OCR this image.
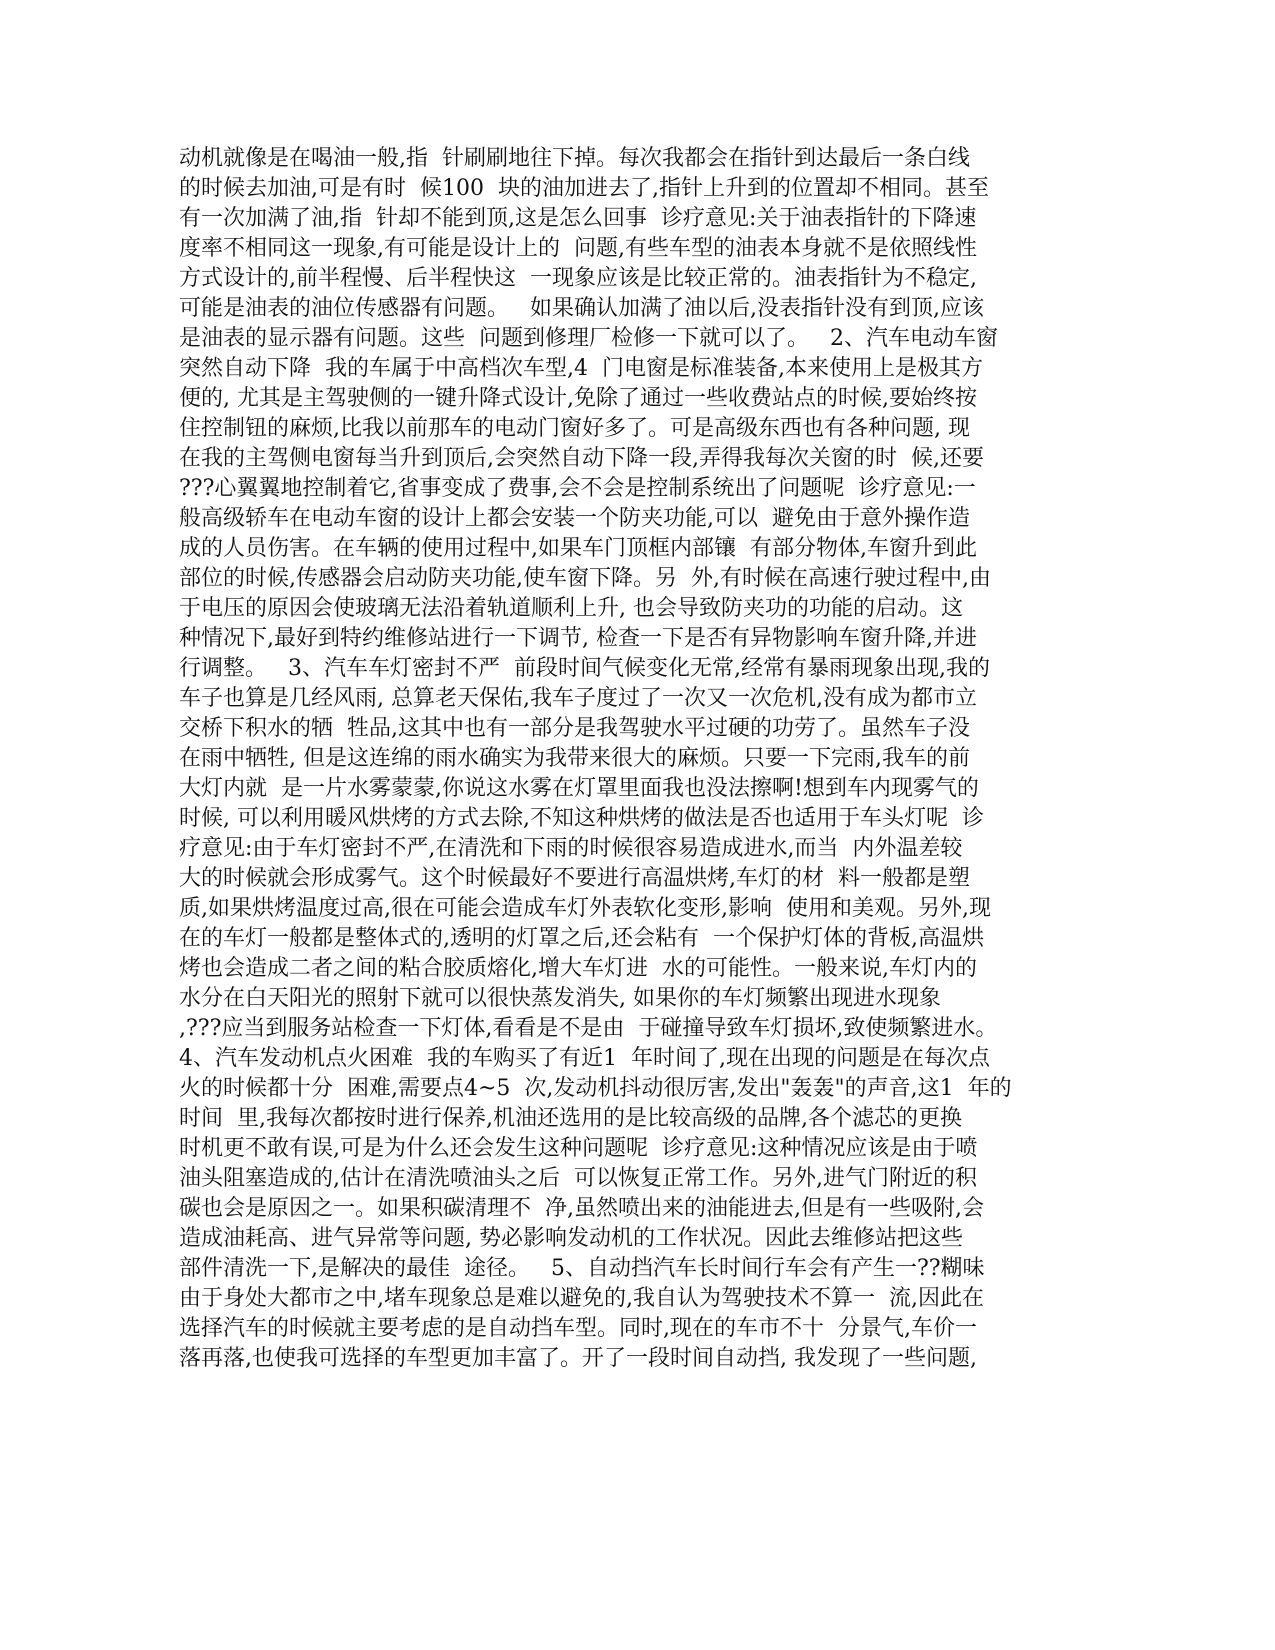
动机就像是在喝油一般,指  针刷刷地往下掉。每次我都会在指针到达最后一条白线
的时候去加油,可是有时  候100  块的油加进去了,指针上升到的位置却不相同。甚至
有一次加满了油,指  针却不能到顶,这是怎么回事  诊疗意见:关于油表指针的下降速
度率不相同这一现象,有可能是设计上的  问题,有些车型的油表本身就不是依照线性
方式设计的,前半程慢、后半程快这  一现象应该是比较正常的。油表指针为不稳定,
可能是油表的油位传感器有问题。   如果确认加满了油以后,没表指针没有到顶,应该
是油表的显示器有问题。这些  问题到修理厂检修一下就可以了。   2、汽车电动车窗
突然自动下降  我的车属于中高档次车型,4  门电窗是标准装备,本来使用上是极其方
便的, 尤其是主驾驶侧的一键升降式设计,免除了通过一些收费站点的时候,要始终按
住控制钮的麻烦,比我以前那车的电动门窗好多了。可是高级东西也有各种问题, 现
在我的主驾侧电窗每当升到顶后,会突然自动下降一段,弄得我每次关窗的时  候,还要
???心翼翼地控制着它,省事变成了费事,会不会是控制系统出了问题呢  诊疗意见:一
般高级轿车在电动车窗的设计上都会安装一个防夹功能,可以  避免由于意外操作造
成的人员伤害。在车辆的使用过程中,如果车门顶框内部镶  有部分物体,车窗升到此
部位的时候,传感器会启动防夹功能,使车窗下降。另  外,有时候在高速行驶过程中,由
于电压的原因会使玻璃无法沿着轨道顺利上升, 也会导致防夹功的功能的启动。这
种情况下,最好到特约维修站进行一下调节, 检查一下是否有异物影响车窗升降,并进
行调整。   3、汽车车灯密封不严  前段时间气候变化无常,经常有暴雨现象出现,我的
车子也算是几经风雨, 总算老天保佑,我车子度过了一次又一次危机,没有成为都市立
交桥下积水的牺  牲品,这其中也有一部分是我驾驶水平过硬的功劳了。虽然车子没
在雨中牺牲, 但是这连绵的雨水确实为我带来很大的麻烦。只要一下完雨,我车的前
大灯内就  是一片水雾蒙蒙,你说这水雾在灯罩里面我也没法擦啊!想到车内现雾气的
时候, 可以利用暖风烘烤的方式去除,不知这种烘烤的做法是否也适用于车头灯呢  诊
疗意见:由于车灯密封不严,在清洗和下雨的时候很容易造成进水,而当  内外温差较
大的时候就会形成雾气。这个时候最好不要进行高温烘烤,车灯的材  料一般都是塑
质,如果烘烤温度过高,很在可能会造成车灯外表软化变形,影响  使用和美观。另外,现
在的车灯一般都是整体式的,透明的灯罩之后,还会粘有  一个保护灯体的背板,高温烘
烤也会造成二者之间的粘合胶质熔化,增大车灯进  水的可能性。一般来说,车灯内的
水分在白天阳光的照射下就可以很快蒸发消失, 如果你的车灯频繁出现进水现象
,???应当到服务站检查一下灯体,看看是不是由  于碰撞导致车灯损坏,致使频繁进水。
4、汽车发动机点火困难  我的车购买了有近1  年时间了,现在出现的问题是在每次点
火的时候都十分  困难,需要点4~5  次,发动机抖动很厉害,发出"轰轰"的声音,这1  年的
时间  里,我每次都按时进行保养,机油还选用的是比较高级的品牌,各个滤芯的更换
时机更不敢有误,可是为什么还会发生这种问题呢  诊疗意见:这种情况应该是由于喷
油头阻塞造成的,估计在清洗喷油头之后  可以恢复正常工作。另外,进气门附近的积
碳也会是原因之一。如果积碳清理不  净,虽然喷出来的油能进去,但是有一些吸附,会
造成油耗高、进气异常等问题, 势必影响发动机的工作状况。因此去维修站把这些
部件清洗一下,是解决的最佳  途径。   5、自动挡汽车长时间行车会有产生一??糊味
由于身处大都市之中,堵车现象总是难以避免的,我自认为驾驶技术不算一  流,因此在
选择汽车的时候就主要考虑的是自动挡车型。同时,现在的车市不十  分景气,车价一
落再落,也使我可选择的车型更加丰富了。开了一段时间自动挡, 我发现了一些问题,
